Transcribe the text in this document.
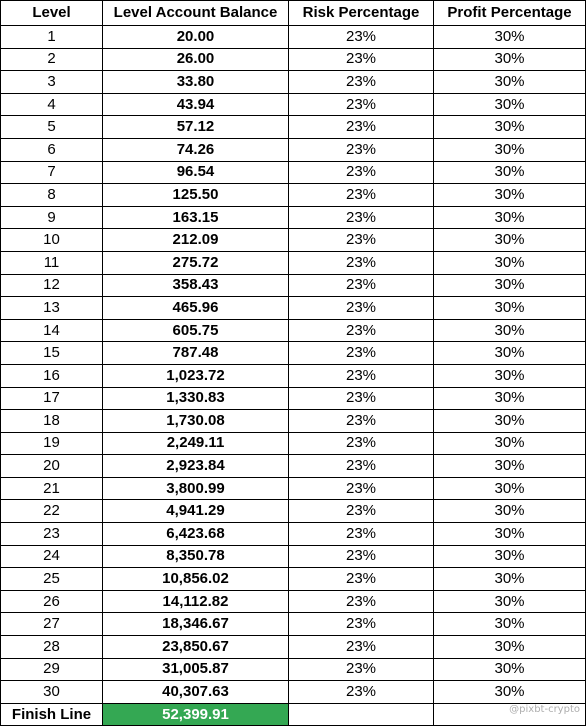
Level	Level Account Balance	Risk Percentage	Profit Percentage
1	20.00	23%	30%
2	26.00	23%	30%
3	33.80	23%	30%
4	43.94	23%	30%
5	57.12	23%	30%
6	74.26	23%	30%
7	96.54	23%	30%
8	125.50	23%	30%
9	163.15	23%	30%
10	212.09	23%	30%
11	275.72	23%	30%
12	358.43	23%	30%
13	465.96	23%	30%
14	605.75	23%	30%
15	787.48	23%	30%
16	1,023.72	23%	30%
17	1,330.83	23%	30%
18	1,730.08	23%	30%
19	2,249.11	23%	30%
20	2,923.84	23%	30%
21	3,800.99	23%	30%
22	4,941.29	23%	30%
23	6,423.68	23%	30%
24	8,350.78	23%	30%
25	10,856.02	23%	30%
26	14,112.82	23%	30%
27	18,346.67	23%	30%
28	23,850.67	23%	30%
29	31,005.87	23%	30%
30	40,307.63	23%	30%
Finish Line	52,399.91			@pixbt-crypto
